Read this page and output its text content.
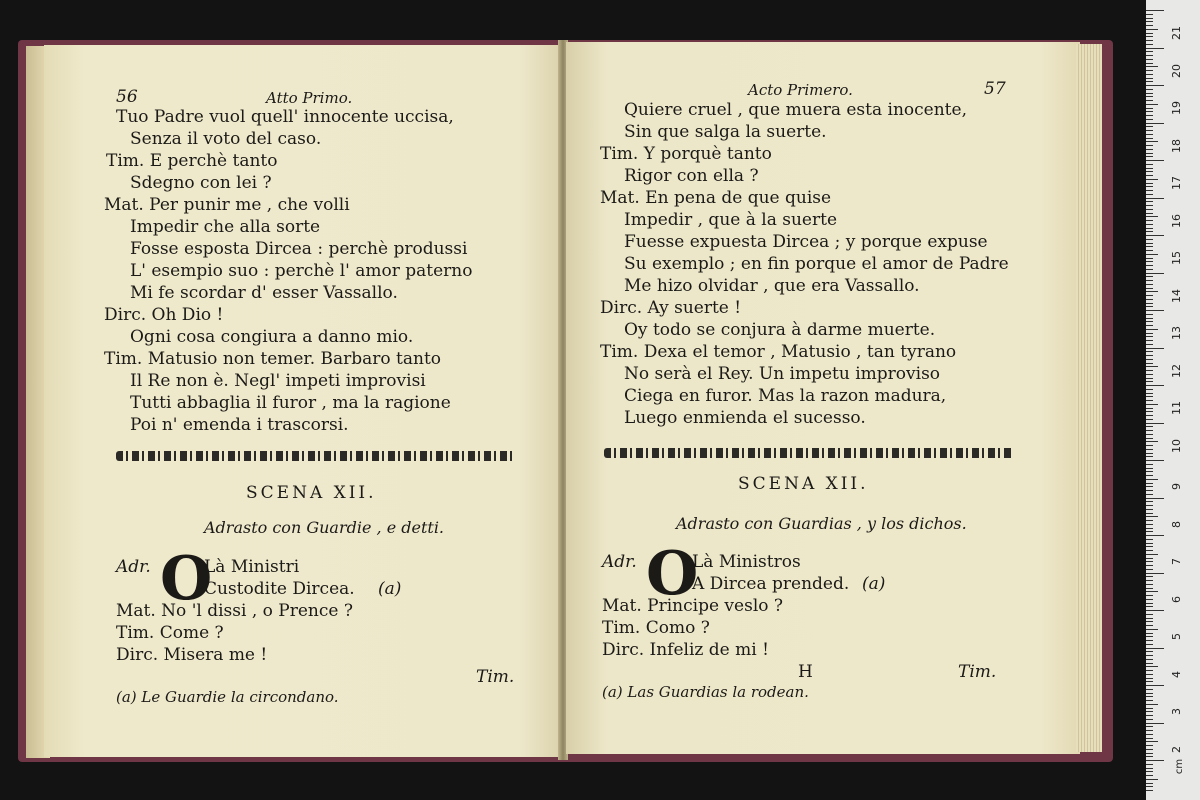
56	Atto Primo.
Tuo Padre vuol quell' innocente uccisa,
Senza il voto del caso.
Tim. E perchè tanto
Sdegno con lei ?
Mat. Per punir me , che volli
Impedir che alla sorte
Fosse esposta Dircea : perchè produssi
L' esempio suo : perchè l' amor paterno
Mi fe scordar d' esser Vassallo.
Dirc. Oh Dio !
Ogni cosa congiura a danno mio.
Tim. Matusio non temer. Barbaro tanto
Il Re non è. Negl' impeti improvisi
Tutti abbaglia il furor , ma la ragione
Poi n' emenda i trascorsi.
SCENA XII.
Adrasto con Guardie , e detti.
Adr. O
Là Ministri
Custodite Dircea. (a)
Mat. No 'l dissi , o Prence ?
Tim. Come ?
Dirc. Misera me !
Tim.
(a) Le Guardie la circondano.
Acto Primero.	57
Quiere cruel , que muera esta inocente,
Sin que salga la suerte.
Tim. Y porquè tanto
Rigor con ella ?
Mat. En pena de que quise
Impedir , que à la suerte
Fuesse expuesta Dircea ; y porque expuse
Su exemplo ; en fin porque el amor de Padre
Me hizo olvidar , que era Vassallo.
Dirc. Ay suerte !
Oy todo se conjura à darme muerte.
Tim. Dexa el temor , Matusio , tan tyrano
No serà el Rey. Un impetu improviso
Ciega en furor. Mas la razon madura,
Luego enmienda el sucesso.
SCENA XII.
Adrasto con Guardias , y los dichos.
Adr. O
Là Ministros
A Dircea prended. (a)
Mat. Principe veslo ?
Tim. Como ?
Dirc. Infeliz de mi !
H	Tim.
(a) Las Guardias la rodean.
cm
21
20
19
18
17
16
15
14
13
12
11
10
9
8
7
6
5
4
3
2
